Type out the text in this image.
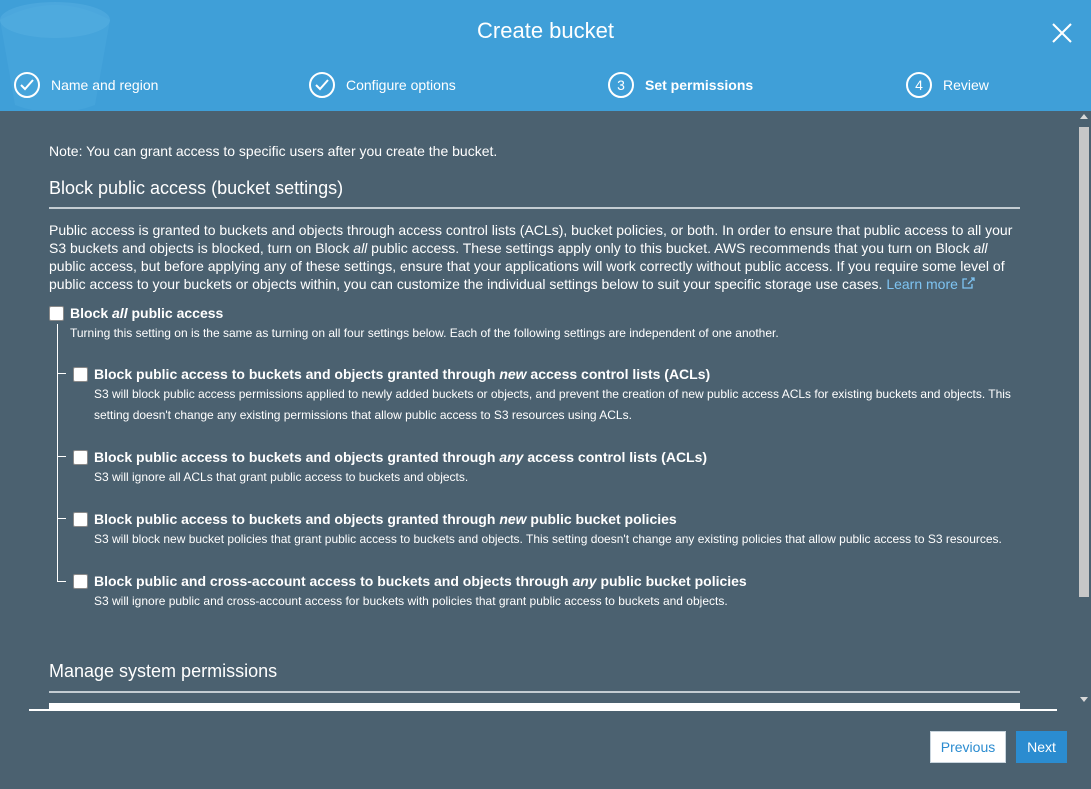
Create bucket
Name and region	Configure options	3	Set permissions	4	Review
Note: You can grant access to specific users after you create the bucket.
Block public access (bucket settings)
Public access is granted to buckets and objects through access control lists (ACLs), bucket policies, or both. In order to ensure that public access to all your S3 buckets and objects is blocked, turn on Block all public access. These settings apply only to this bucket. AWS recommends that you turn on Block all public access, but before applying any of these settings, ensure that your applications will work correctly without public access. If you require some level of public access to your buckets or objects within, you can customize the individual settings below to suit your specific storage use cases. Learn more
Block all public access
Turning this setting on is the same as turning on all four settings below. Each of the following settings are independent of one another.
Block public access to buckets and objects granted through new access control lists (ACLs)
S3 will block public access permissions applied to newly added buckets or objects, and prevent the creation of new public access ACLs for existing buckets and objects. This
setting doesn't change any existing permissions that allow public access to S3 resources using ACLs.
Block public access to buckets and objects granted through any access control lists (ACLs)
S3 will ignore all ACLs that grant public access to buckets and objects.
Block public access to buckets and objects granted through new public bucket policies
S3 will block new bucket policies that grant public access to buckets and objects. This setting doesn't change any existing policies that allow public access to S3 resources.
Block public and cross-account access to buckets and objects through any public bucket policies
S3 will ignore public and cross-account access for buckets with policies that grant public access to buckets and objects.
Manage system permissions
Previous	Next
